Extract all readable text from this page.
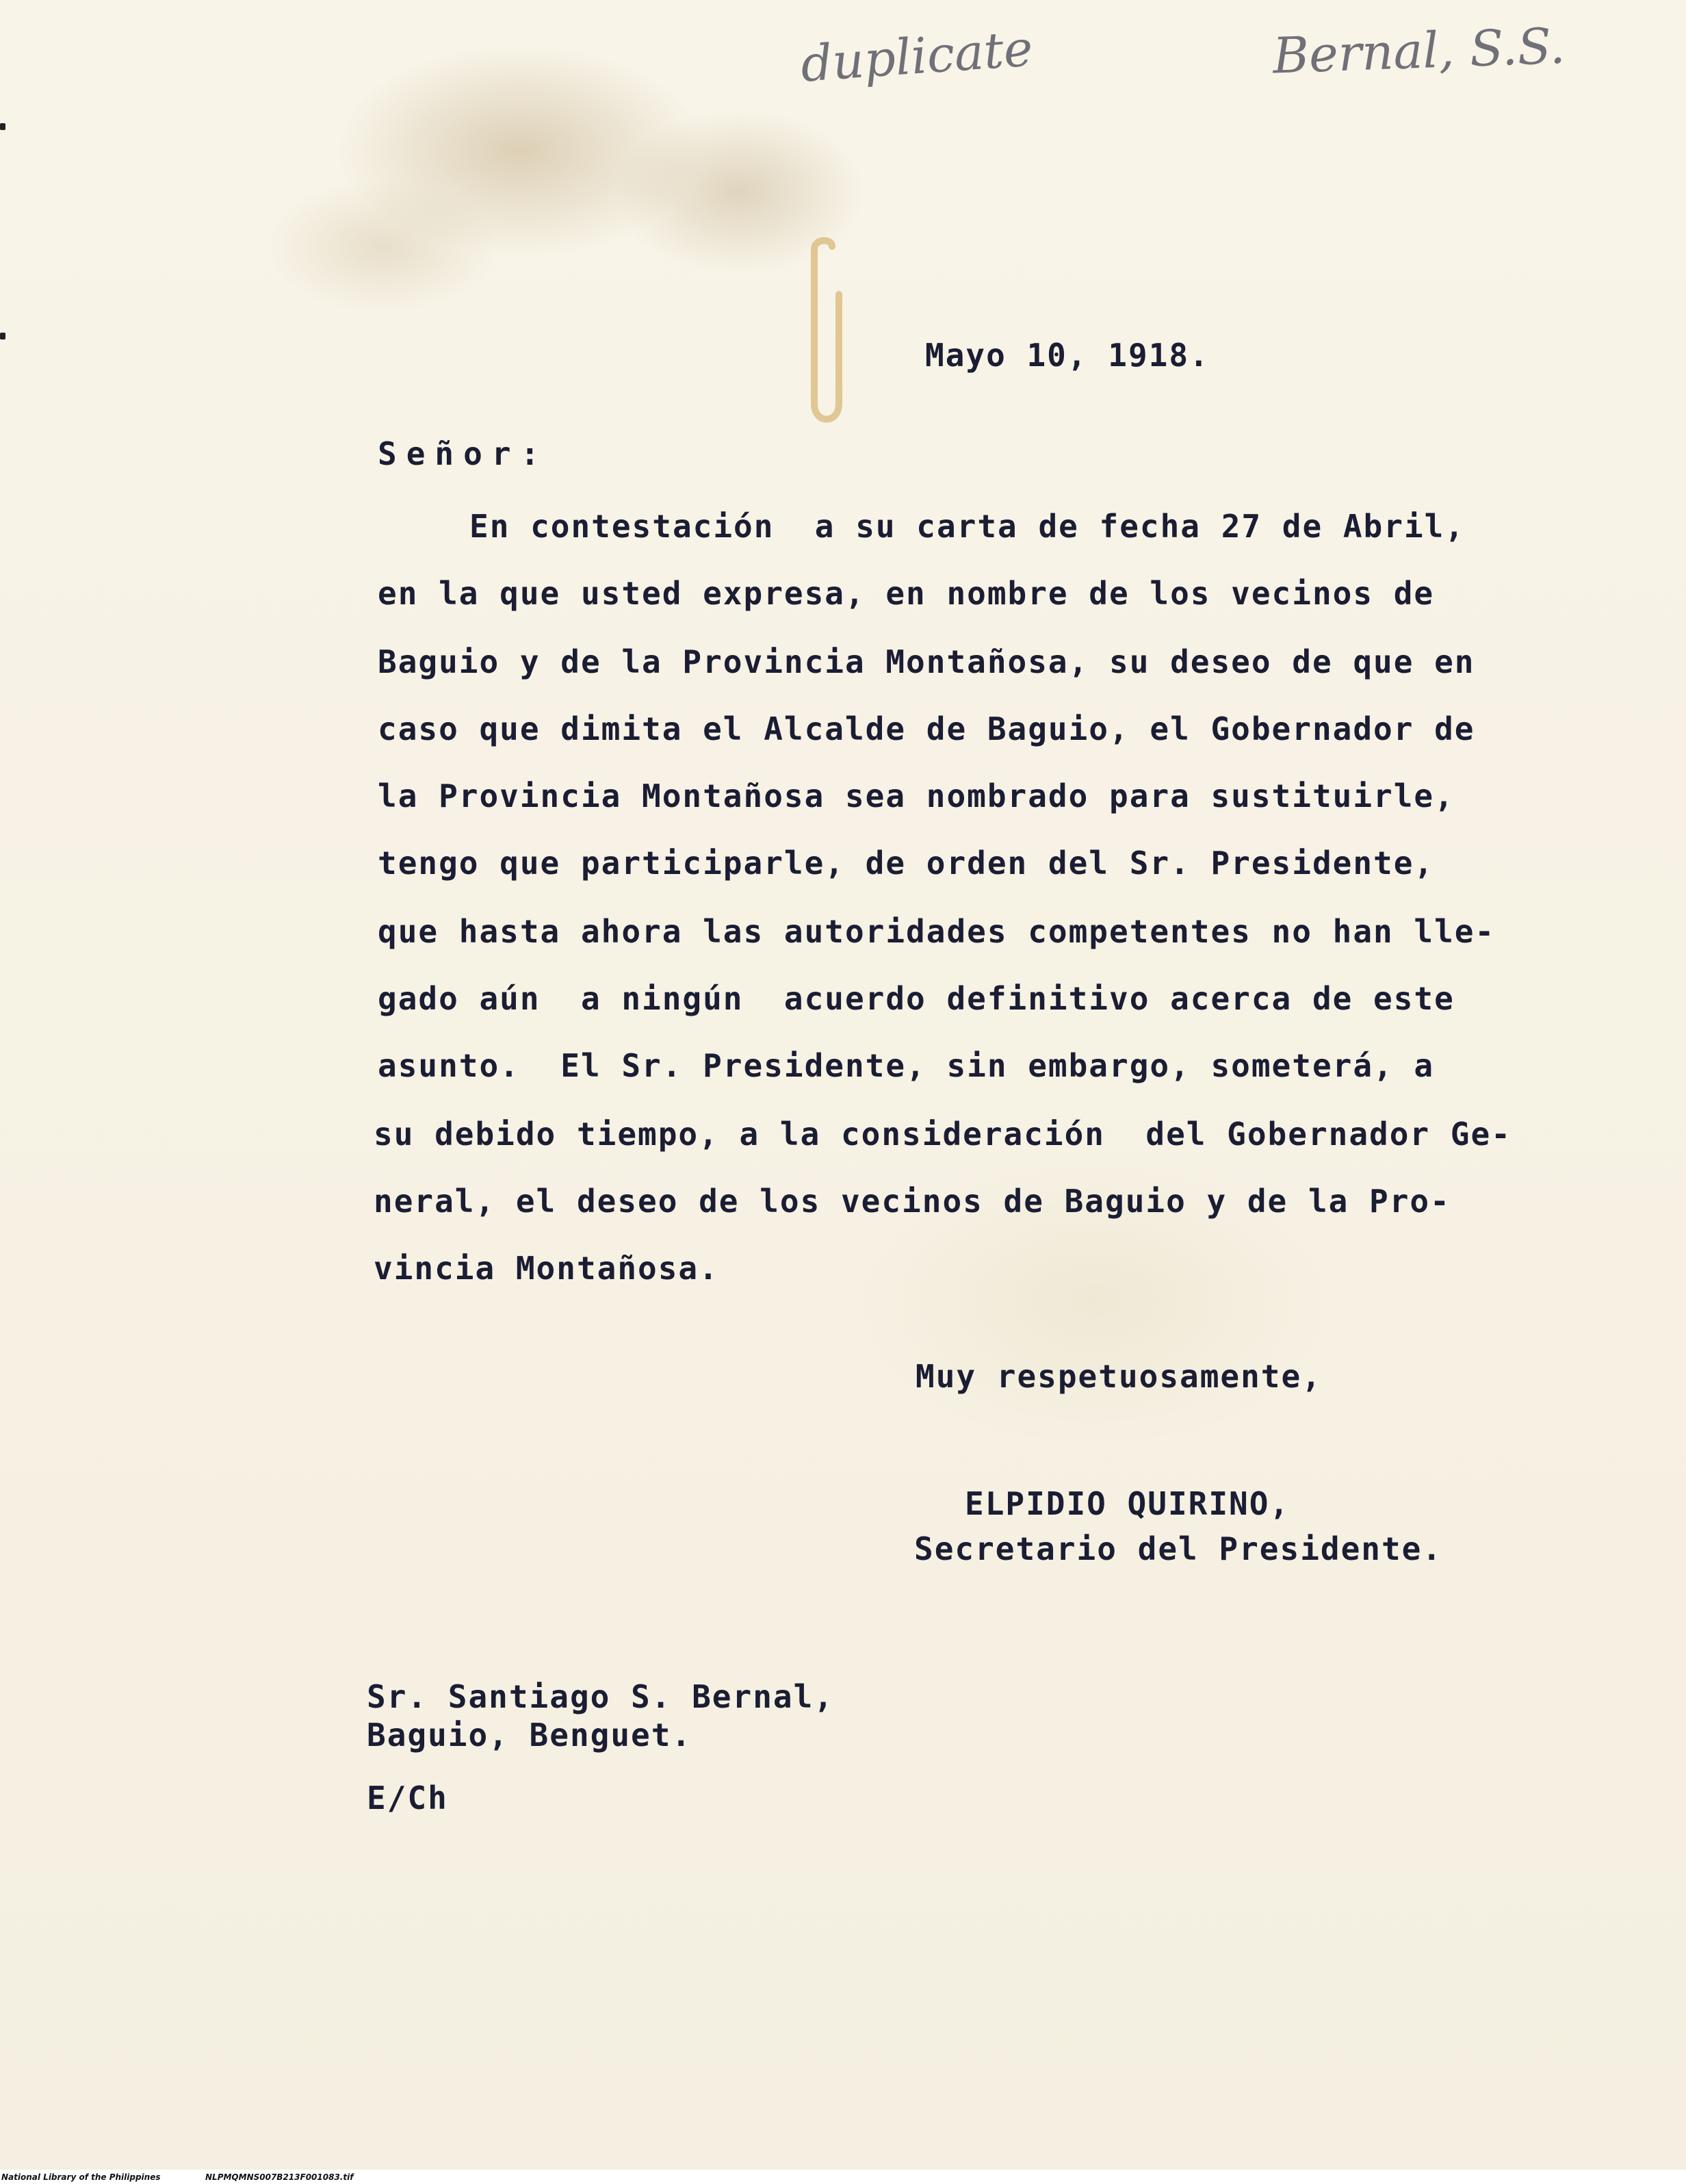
duplicate	Bernal, S.S.
Mayo 10, 1918.
Señor:
En contestación  a su carta de fecha 27 de Abril,
en la que usted expresa, en nombre de los vecinos de
Baguio y de la Provincia Montañosa, su deseo de que en
caso que dimita el Alcalde de Baguio, el Gobernador de
la Provincia Montañosa sea nombrado para sustituirle,
tengo que participarle, de orden del Sr. Presidente,
que hasta ahora las autoridades competentes no han lle-
gado aún  a ningún  acuerdo definitivo acerca de este
asunto.  El Sr. Presidente, sin embargo, someterá, a
su debido tiempo, a la consideración  del Gobernador Ge-
neral, el deseo de los vecinos de Baguio y de la Pro-
vincia Montañosa.
Muy respetuosamente,
ELPIDIO QUIRINO,
Secretario del Presidente.
Sr. Santiago S. Bernal,
Baguio, Benguet.
E/Ch
National Library of the Philippines	NLPMQMNS007B213F001083.tif
